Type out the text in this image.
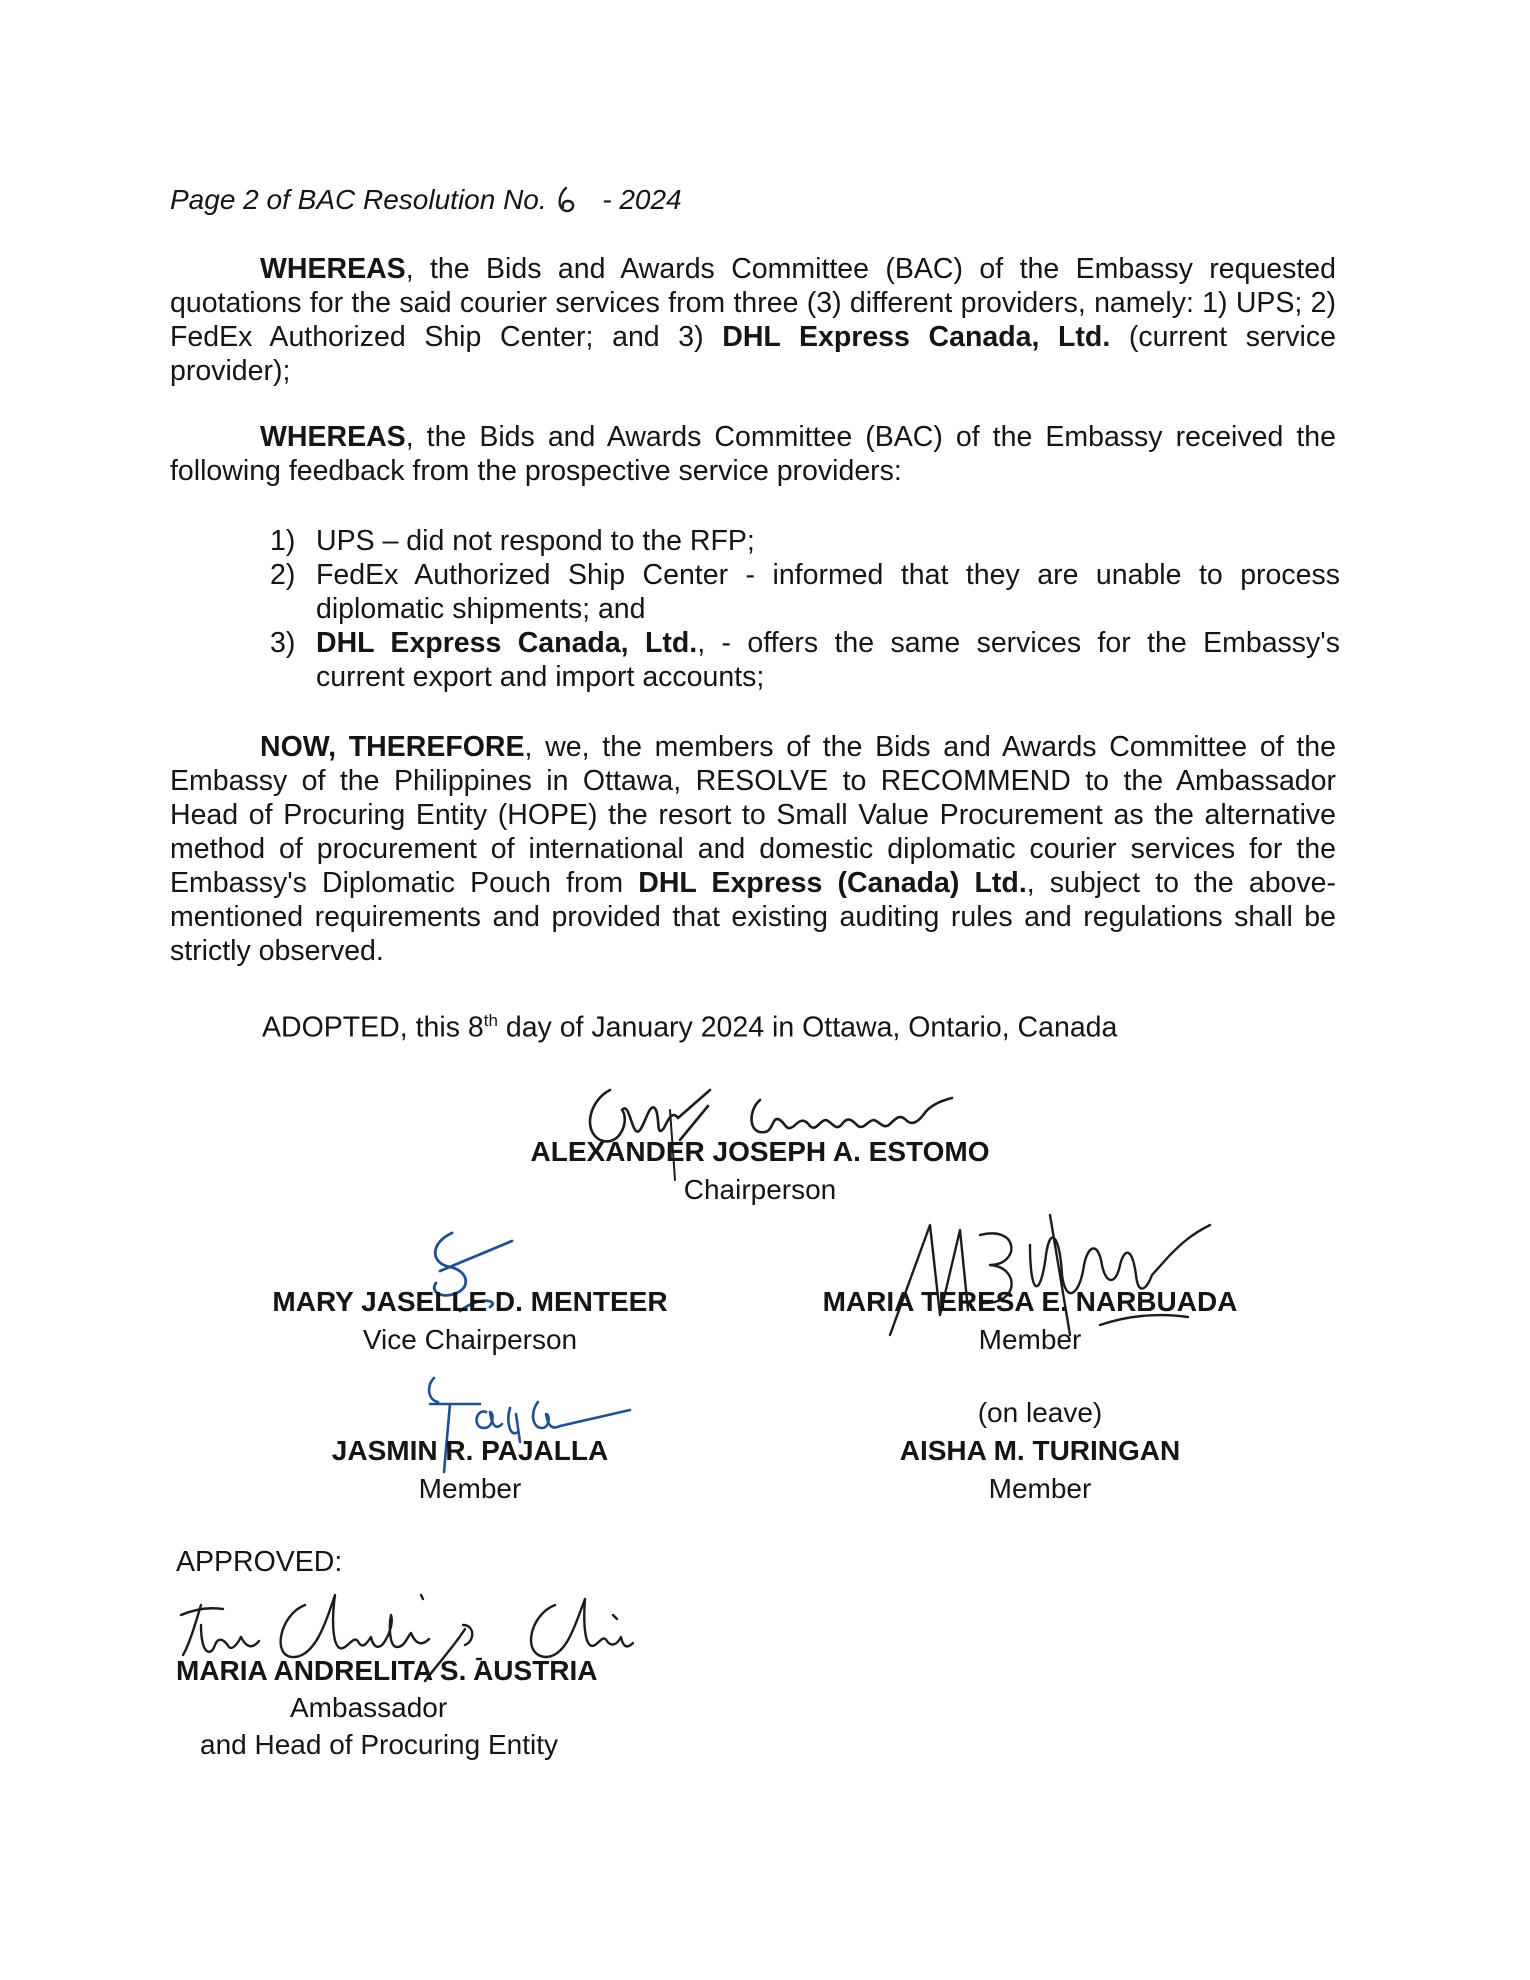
Page 2 of BAC Resolution No. - 2024

WHEREAS, the Bids and Awards Committee (BAC) of the Embassy requested quotations for the said courier services from three (3) different providers, namely: 1) UPS; 2) FedEx Authorized Ship Center; and 3) DHL Express Canada, Ltd. (current service provider);

WHEREAS, the Bids and Awards Committee (BAC) of the Embassy received the following feedback from the prospective service providers:

1) UPS – did not respond to the RFP;
2) FedEx Authorized Ship Center - informed that they are unable to process diplomatic shipments; and
3) DHL Express Canada, Ltd., - offers the same services for the Embassy's current export and import accounts;

NOW, THEREFORE, we, the members of the Bids and Awards Committee of the Embassy of the Philippines in Ottawa, RESOLVE to RECOMMEND to the Ambassador Head of Procuring Entity (HOPE) the resort to Small Value Procurement as the alternative method of procurement of international and domestic diplomatic courier services for the Embassy's Diplomatic Pouch from DHL Express (Canada) Ltd., subject to the above-mentioned requirements and provided that existing auditing rules and regulations shall be strictly observed.

ADOPTED, this 8th day of January 2024 in Ottawa, Ontario, Canada

ALEXANDER JOSEPH A. ESTOMO
Chairperson
MARY JASELLE D. MENTEER
Vice Chairperson
MARIA TERESA E. NARBUADA
Member
JASMIN R. PAJALLA
Member
(on leave)
AISHA M. TURINGAN
Member

APPROVED:

MARIA ANDRELITA S. AUSTRIA
Ambassador
and Head of Procuring Entity
